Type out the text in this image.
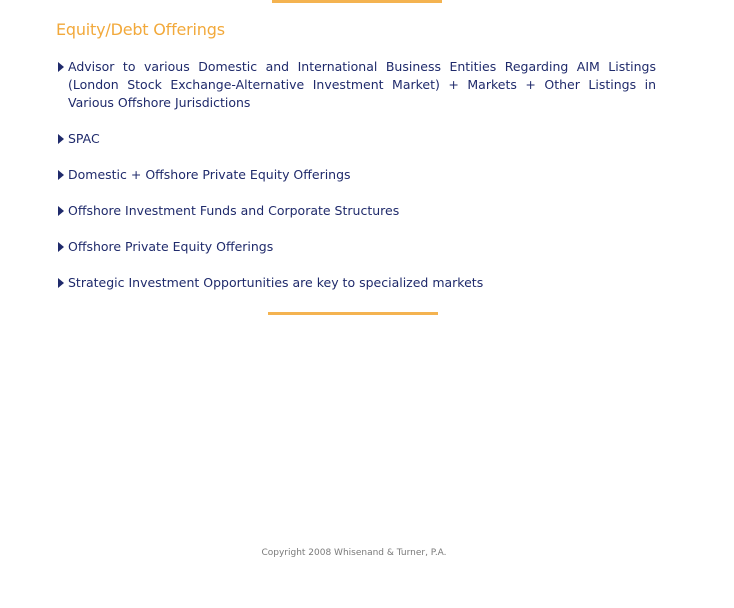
Equity/Debt Offerings
Advisor to various Domestic and International Business Entities Regarding AIM Listings (London Stock Exchange-Alternative Investment Market) + Markets + Other Listings in Various Offshore Jurisdictions
SPAC
Domestic + Offshore Private Equity Offerings
Offshore Investment Funds and Corporate Structures
Offshore Private Equity Offerings
Strategic Investment Opportunities are key to specialized markets
Copyright 2008 Whisenand & Turner, P.A.
